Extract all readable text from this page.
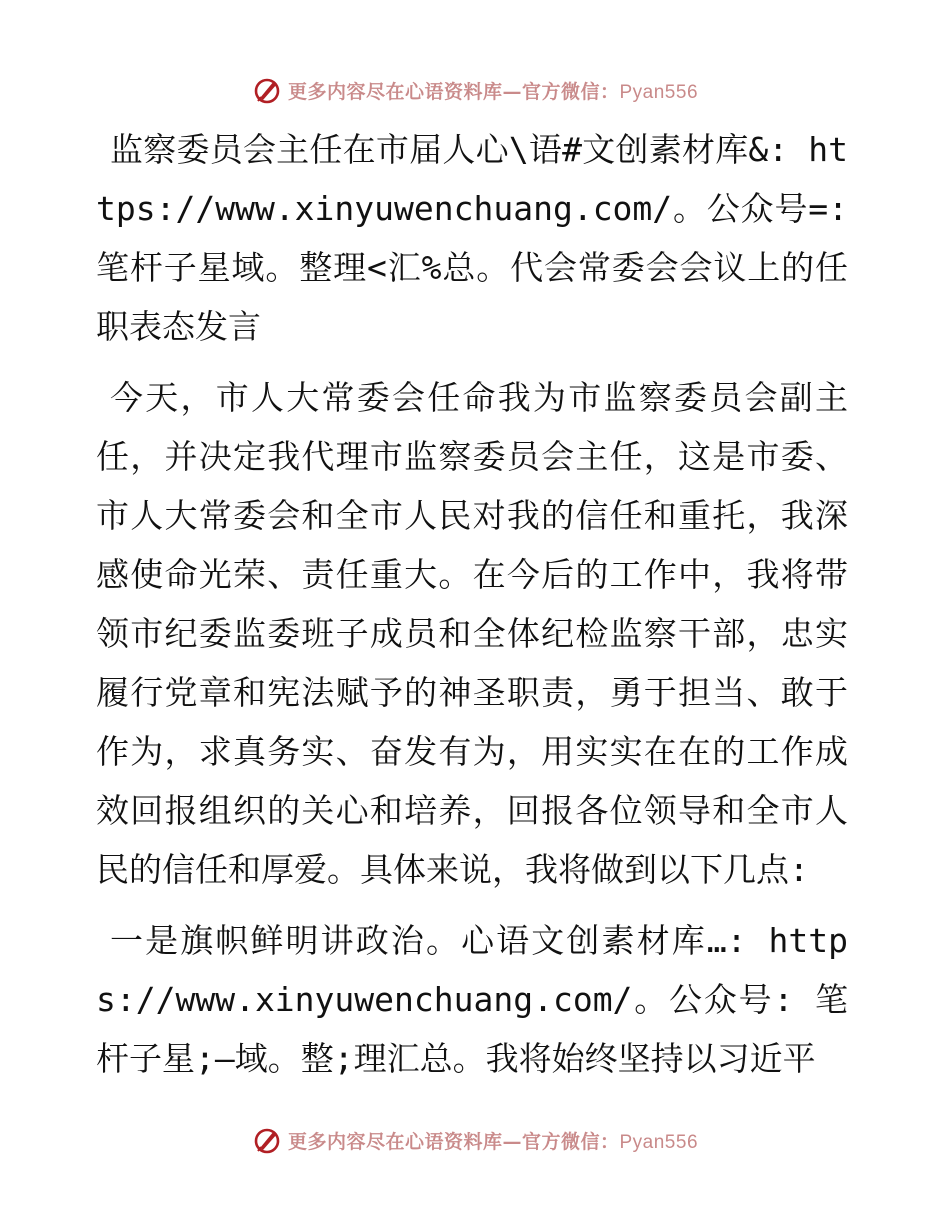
更多内容尽在心语资料库—官方微信：Pyan556

监察委员会主任在市届人心\语#文创素材库&: https://www.xinyuwenchuang.com/。公众号=: 笔杆子星域。整理<汇%总。代会常委会会议上的任职表态发言

今天，市人大常委会任命我为市监察委员会副主任，并决定我代理市监察委员会主任，这是市委、市人大常委会和全市人民对我的信任和重托，我深感使命光荣、责任重大。在今后的工作中，我将带领市纪委监委班子成员和全体纪检监察干部，忠实履行党章和宪法赋予的神圣职责，勇于担当、敢于作为，求真务实、奋发有为，用实实在在的工作成效回报组织的关心和培养，回报各位领导和全市人民的信任和厚爱。具体来说，我将做到以下几点:

一是旗帜鲜明讲政治。心语文创素材库…: https://www.xinyuwenchuang.com/。公众号: 笔杆子星;—域。整;理汇总。我将始终坚持以习近平

更多内容尽在心语资料库—官方微信：Pyan556
